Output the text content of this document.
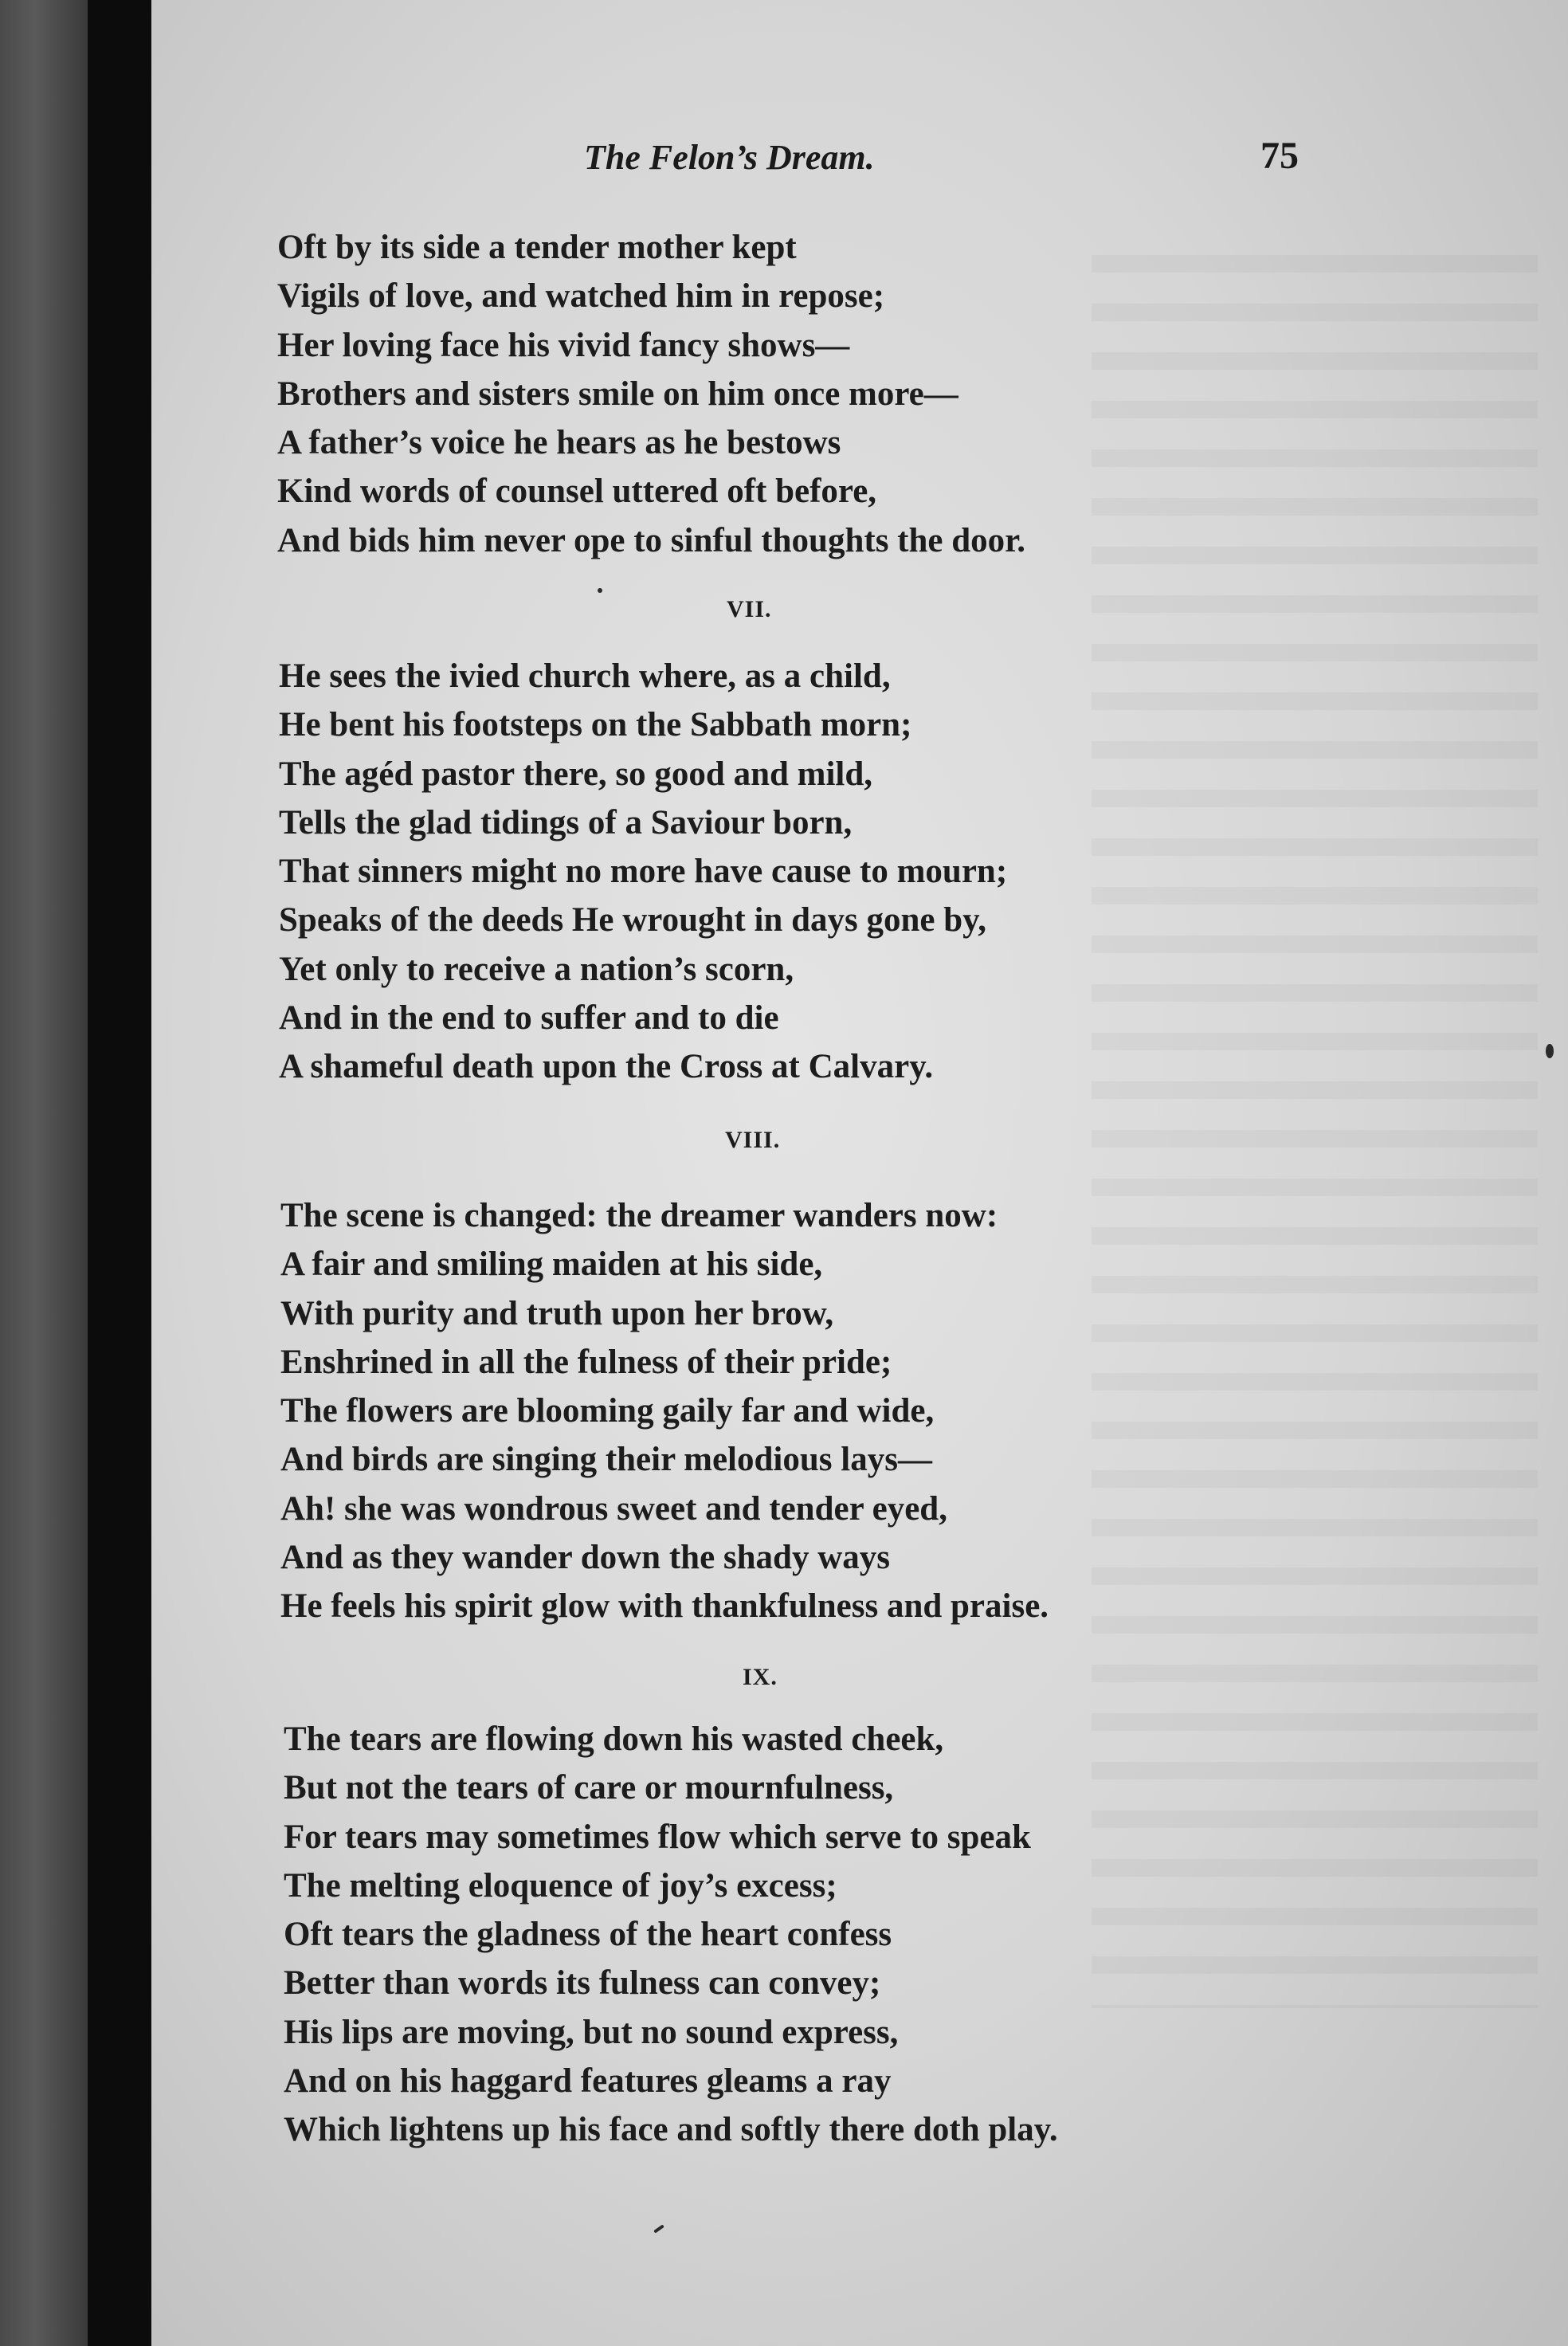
The Felon’s Dream.	75
Oft by its side a tender mother kept
Vigils of love, and watched him in repose;
Her loving face his vivid fancy shows—
Brothers and sisters smile on him once more—
A father’s voice he hears as he bestows
Kind words of counsel uttered oft before,
And bids him never ope to sinful thoughts the door.
VII.
He sees the ivied church where, as a child,
He bent his footsteps on the Sabbath morn;
The agéd pastor there, so good and mild,
Tells the glad tidings of a Saviour born,
That sinners might no more have cause to mourn;
Speaks of the deeds He wrought in days gone by,
Yet only to receive a nation’s scorn,
And in the end to suffer and to die
A shameful death upon the Cross at Calvary.
VIII.
The scene is changed: the dreamer wanders now:
A fair and smiling maiden at his side,
With purity and truth upon her brow,
Enshrined in all the fulness of their pride;
The flowers are blooming gaily far and wide,
And birds are singing their melodious lays—
Ah! she was wondrous sweet and tender eyed,
And as they wander down the shady ways
He feels his spirit glow with thankfulness and praise.
IX.
The tears are flowing down his wasted cheek,
But not the tears of care or mournfulness,
For tears may sometimes flow which serve to speak
The melting eloquence of joy’s excess;
Oft tears the gladness of the heart confess
Better than words its fulness can convey;
His lips are moving, but no sound express,
And on his haggard features gleams a ray
Which lightens up his face and softly there doth play.
